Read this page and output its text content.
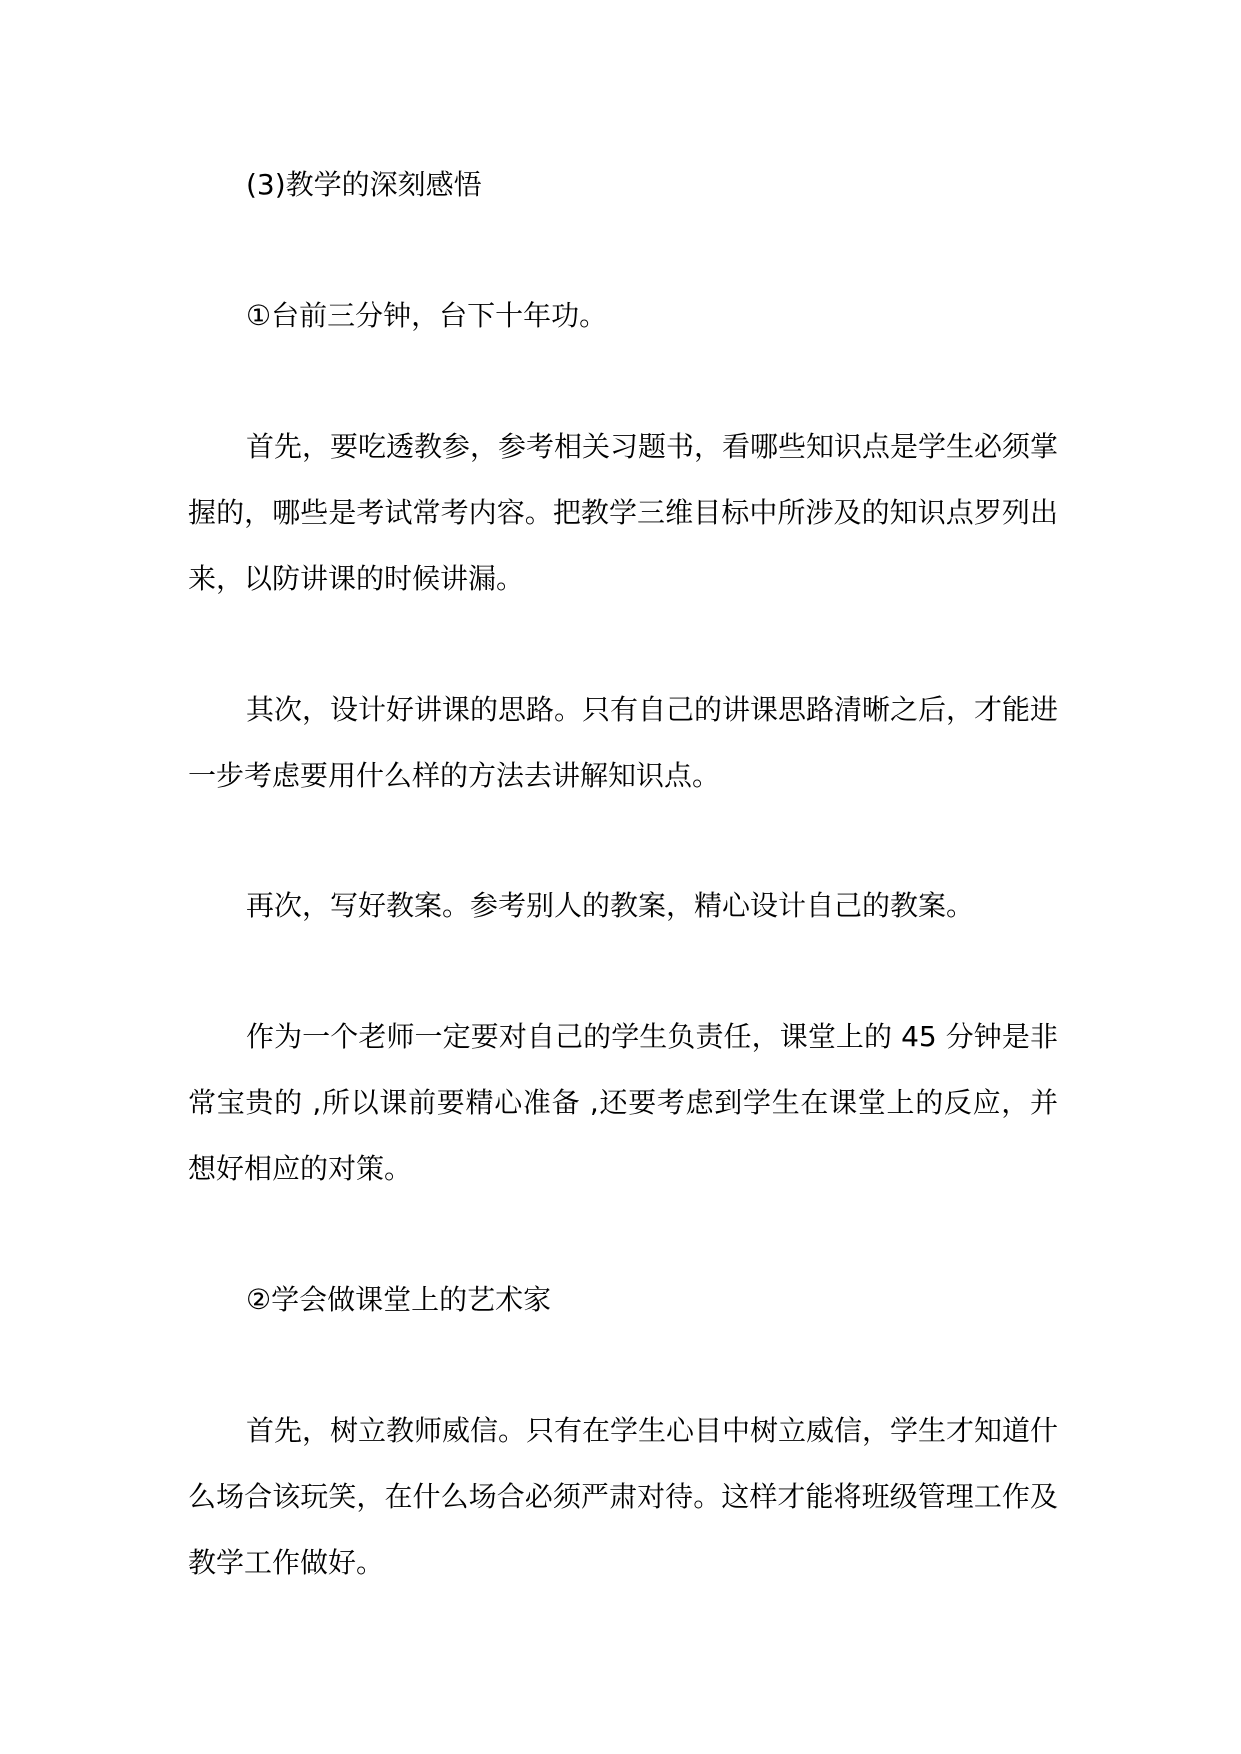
(3)教学的深刻感悟

①台前三分钟，台下十年功。

首先，要吃透教参，参考相关习题书，看哪些知识点是学生必须掌握的，哪些是考试常考内容。把教学三维目标中所涉及的知识点罗列出来，以防讲课的时候讲漏。

其次，设计好讲课的思路。只有自己的讲课思路清晰之后，才能进一步考虑要用什么样的方法去讲解知识点。

再次，写好教案。参考别人的教案，精心设计自己的教案。

作为一个老师一定要对自己的学生负责任，课堂上的 45 分钟是非常宝贵的 ,所以课前要精心准备 ,还要考虑到学生在课堂上的反应，并想好相应的对策。

②学会做课堂上的艺术家

首先，树立教师威信。只有在学生心目中树立威信，学生才知道什么场合该玩笑，在什么场合必须严肃对待。这样才能将班级管理工作及教学工作做好。
